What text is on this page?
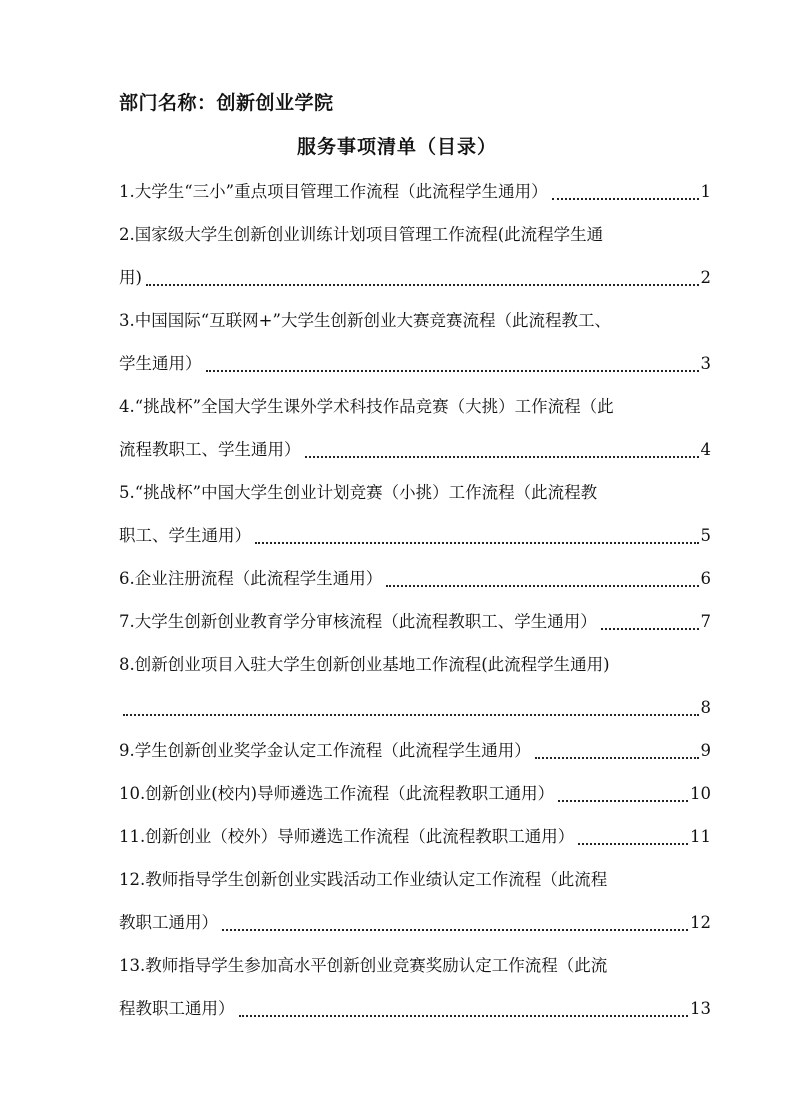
部门名称：创新创业学院
服务事项清单（目录）
1.大学生“三小”重点项目管理工作流程（此流程学生通用）	1
2.国家级大学生创新创业训练计划项目管理工作流程(此流程学生通
用)	2
3.中国国际“互联网+”大学生创新创业大赛竞赛流程（此流程教工、
学生通用）	3
4.“挑战杯”全国大学生课外学术科技作品竞赛（大挑）工作流程（此
流程教职工、学生通用）	4
5.“挑战杯”中国大学生创业计划竞赛（小挑）工作流程（此流程教
职工、学生通用）	5
6.企业注册流程（此流程学生通用）	6
7.大学生创新创业教育学分审核流程（此流程教职工、学生通用）	7
8.创新创业项目入驻大学生创新创业基地工作流程(此流程学生通用)
8
9.学生创新创业奖学金认定工作流程（此流程学生通用）	9
10.创新创业(校内)导师遴选工作流程（此流程教职工通用）	10
11.创新创业（校外）导师遴选工作流程（此流程教职工通用）	11
12.教师指导学生创新创业实践活动工作业绩认定工作流程（此流程
教职工通用）	12
13.教师指导学生参加高水平创新创业竞赛奖励认定工作流程（此流
程教职工通用）	13
